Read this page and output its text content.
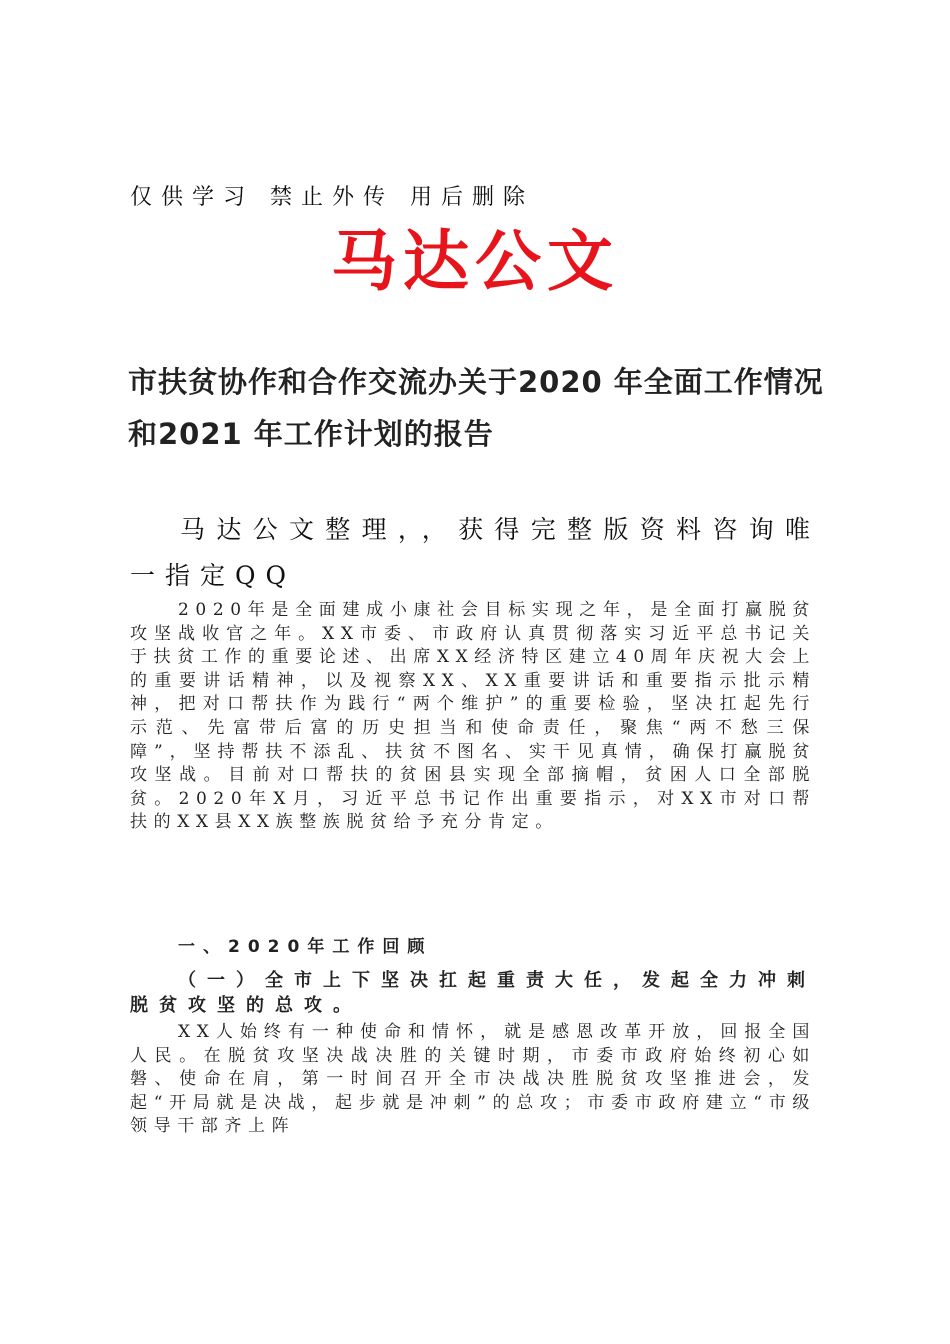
仅供学习 禁止外传 用后删除
马达公文
市扶贫协作和合作交流办关于2020 年全面工作情况和2021 年工作计划的报告
马达公文整理，，获得完整版资料咨询唯一指定QQ
2020年是全面建成小康社会目标实现之年，是全面打赢脱贫攻坚战收官之年。XX市委、市政府认真贯彻落实习近平总书记关于扶贫工作的重要论述、出席XX经济特区建立40周年庆祝大会上的重要讲话精神，以及视察XX、XX重要讲话和重要指示批示精神，把对口帮扶作为践行“两个维护”的重要检验，坚决扛起先行示范、先富带后富的历史担当和使命责任，聚焦“两不愁三保障”，坚持帮扶不添乱、扶贫不图名、实干见真情，确保打赢脱贫攻坚战。目前对口帮扶的贫困县实现全部摘帽，贫困人口全部脱贫。2020年X月，习近平总书记作出重要指示，对XX市对口帮扶的XX县XX族整族脱贫给予充分肯定。
一、2020年工作回顾
（一）全市上下坚决扛起重责大任，发起全力冲刺脱贫攻坚的总攻。
XX人始终有一种使命和情怀，就是感恩改革开放，回报全国人民。在脱贫攻坚决战决胜的关键时期，市委市政府始终初心如磐、使命在肩，第一时间召开全市决战决胜脱贫攻坚推进会，发起“开局就是决战，起步就是冲刺”的总攻；市委市政府建立“市级领导干部齐上阵
